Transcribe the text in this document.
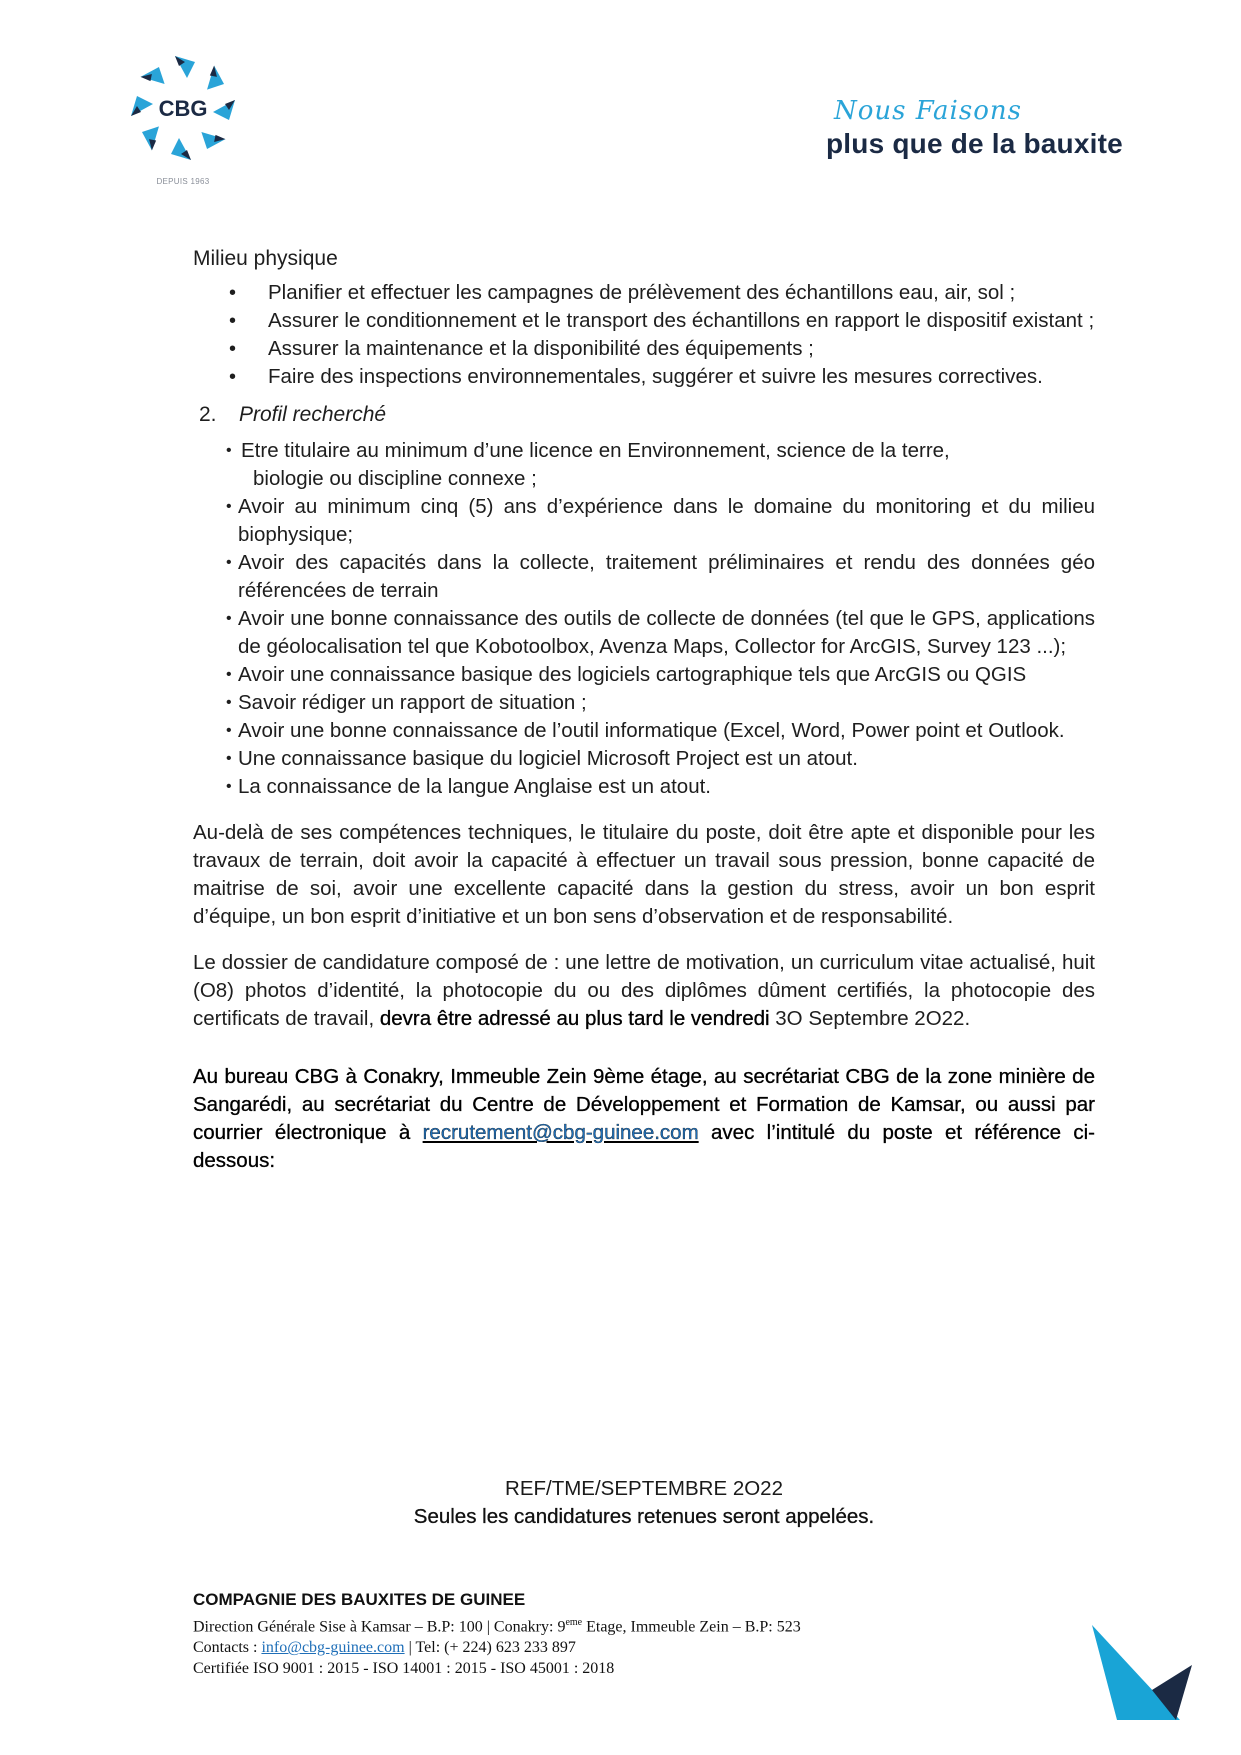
CBG
DEPUIS 1963
Nous Faisons
plus que de la bauxite
Milieu physique
• Planifier et effectuer les campagnes de prélèvement des échantillons eau, air, sol ;
• Assurer le conditionnement et le transport des échantillons en rapport le dispositif existant ;
• Assurer la maintenance et la disponibilité des équipements ;
• Faire des inspections environnementales, suggérer et suivre les mesures correctives.
2. Profil recherché
• Etre titulaire au minimum d’une licence en Environnement, science de la terre,
biologie ou discipline connexe ;
• Avoir au minimum cinq (5) ans d’expérience dans le domaine du monitoring et du milieu biophysique;
• Avoir des capacités dans la collecte, traitement préliminaires et rendu des données géo référencées de terrain
• Avoir une bonne connaissance des outils de collecte de données (tel que le GPS, applications de géolocalisation tel que Kobotoolbox, Avenza Maps, Collector for ArcGIS, Survey 123 ...);
• Avoir une connaissance basique des logiciels cartographique tels que ArcGIS ou QGIS
• Savoir rédiger un rapport de situation ;
• Avoir une bonne connaissance de l’outil informatique (Excel, Word, Power point et Outlook.
• Une connaissance basique du logiciel Microsoft Project est un atout.
• La connaissance de la langue Anglaise est un atout.

Au-delà de ses compétences techniques, le titulaire du poste, doit être apte et disponible pour les travaux de terrain, doit avoir la capacité à effectuer un travail sous pression, bonne capacité de maitrise de soi, avoir une excellente capacité dans la gestion du stress, avoir un bon esprit d’équipe, un bon esprit d’initiative et un bon sens d’observation et de responsabilité.

Le dossier de candidature composé de : une lettre de motivation, un curriculum vitae actualisé, huit (O8) photos d’identité, la photocopie du ou des diplômes dûment certifiés, la photocopie des certificats de travail, devra être adressé au plus tard le vendredi 3O Septembre 2O22.

Au bureau CBG à Conakry, Immeuble Zein 9ème étage, au secrétariat CBG de la zone minière de Sangarédi, au secrétariat du Centre de Développement et Formation de Kamsar, ou aussi par courrier électronique à recrutement@cbg-guinee.com avec l’intitulé du poste et référence ci-dessous:

REF/TME/SEPTEMBRE 2O22
Seules les candidatures retenues seront appelées.
COMPAGNIE DES BAUXITES DE GUINEE
Direction Générale Sise à Kamsar – B.P: 100 | Conakry: 9eme Etage, Immeuble Zein – B.P: 523
Contacts : info@cbg-guinee.com | Tel: (+ 224) 623 233 897
Certifiée ISO 9001 : 2015 - ISO 14001 : 2015 - ISO 45001 : 2018
